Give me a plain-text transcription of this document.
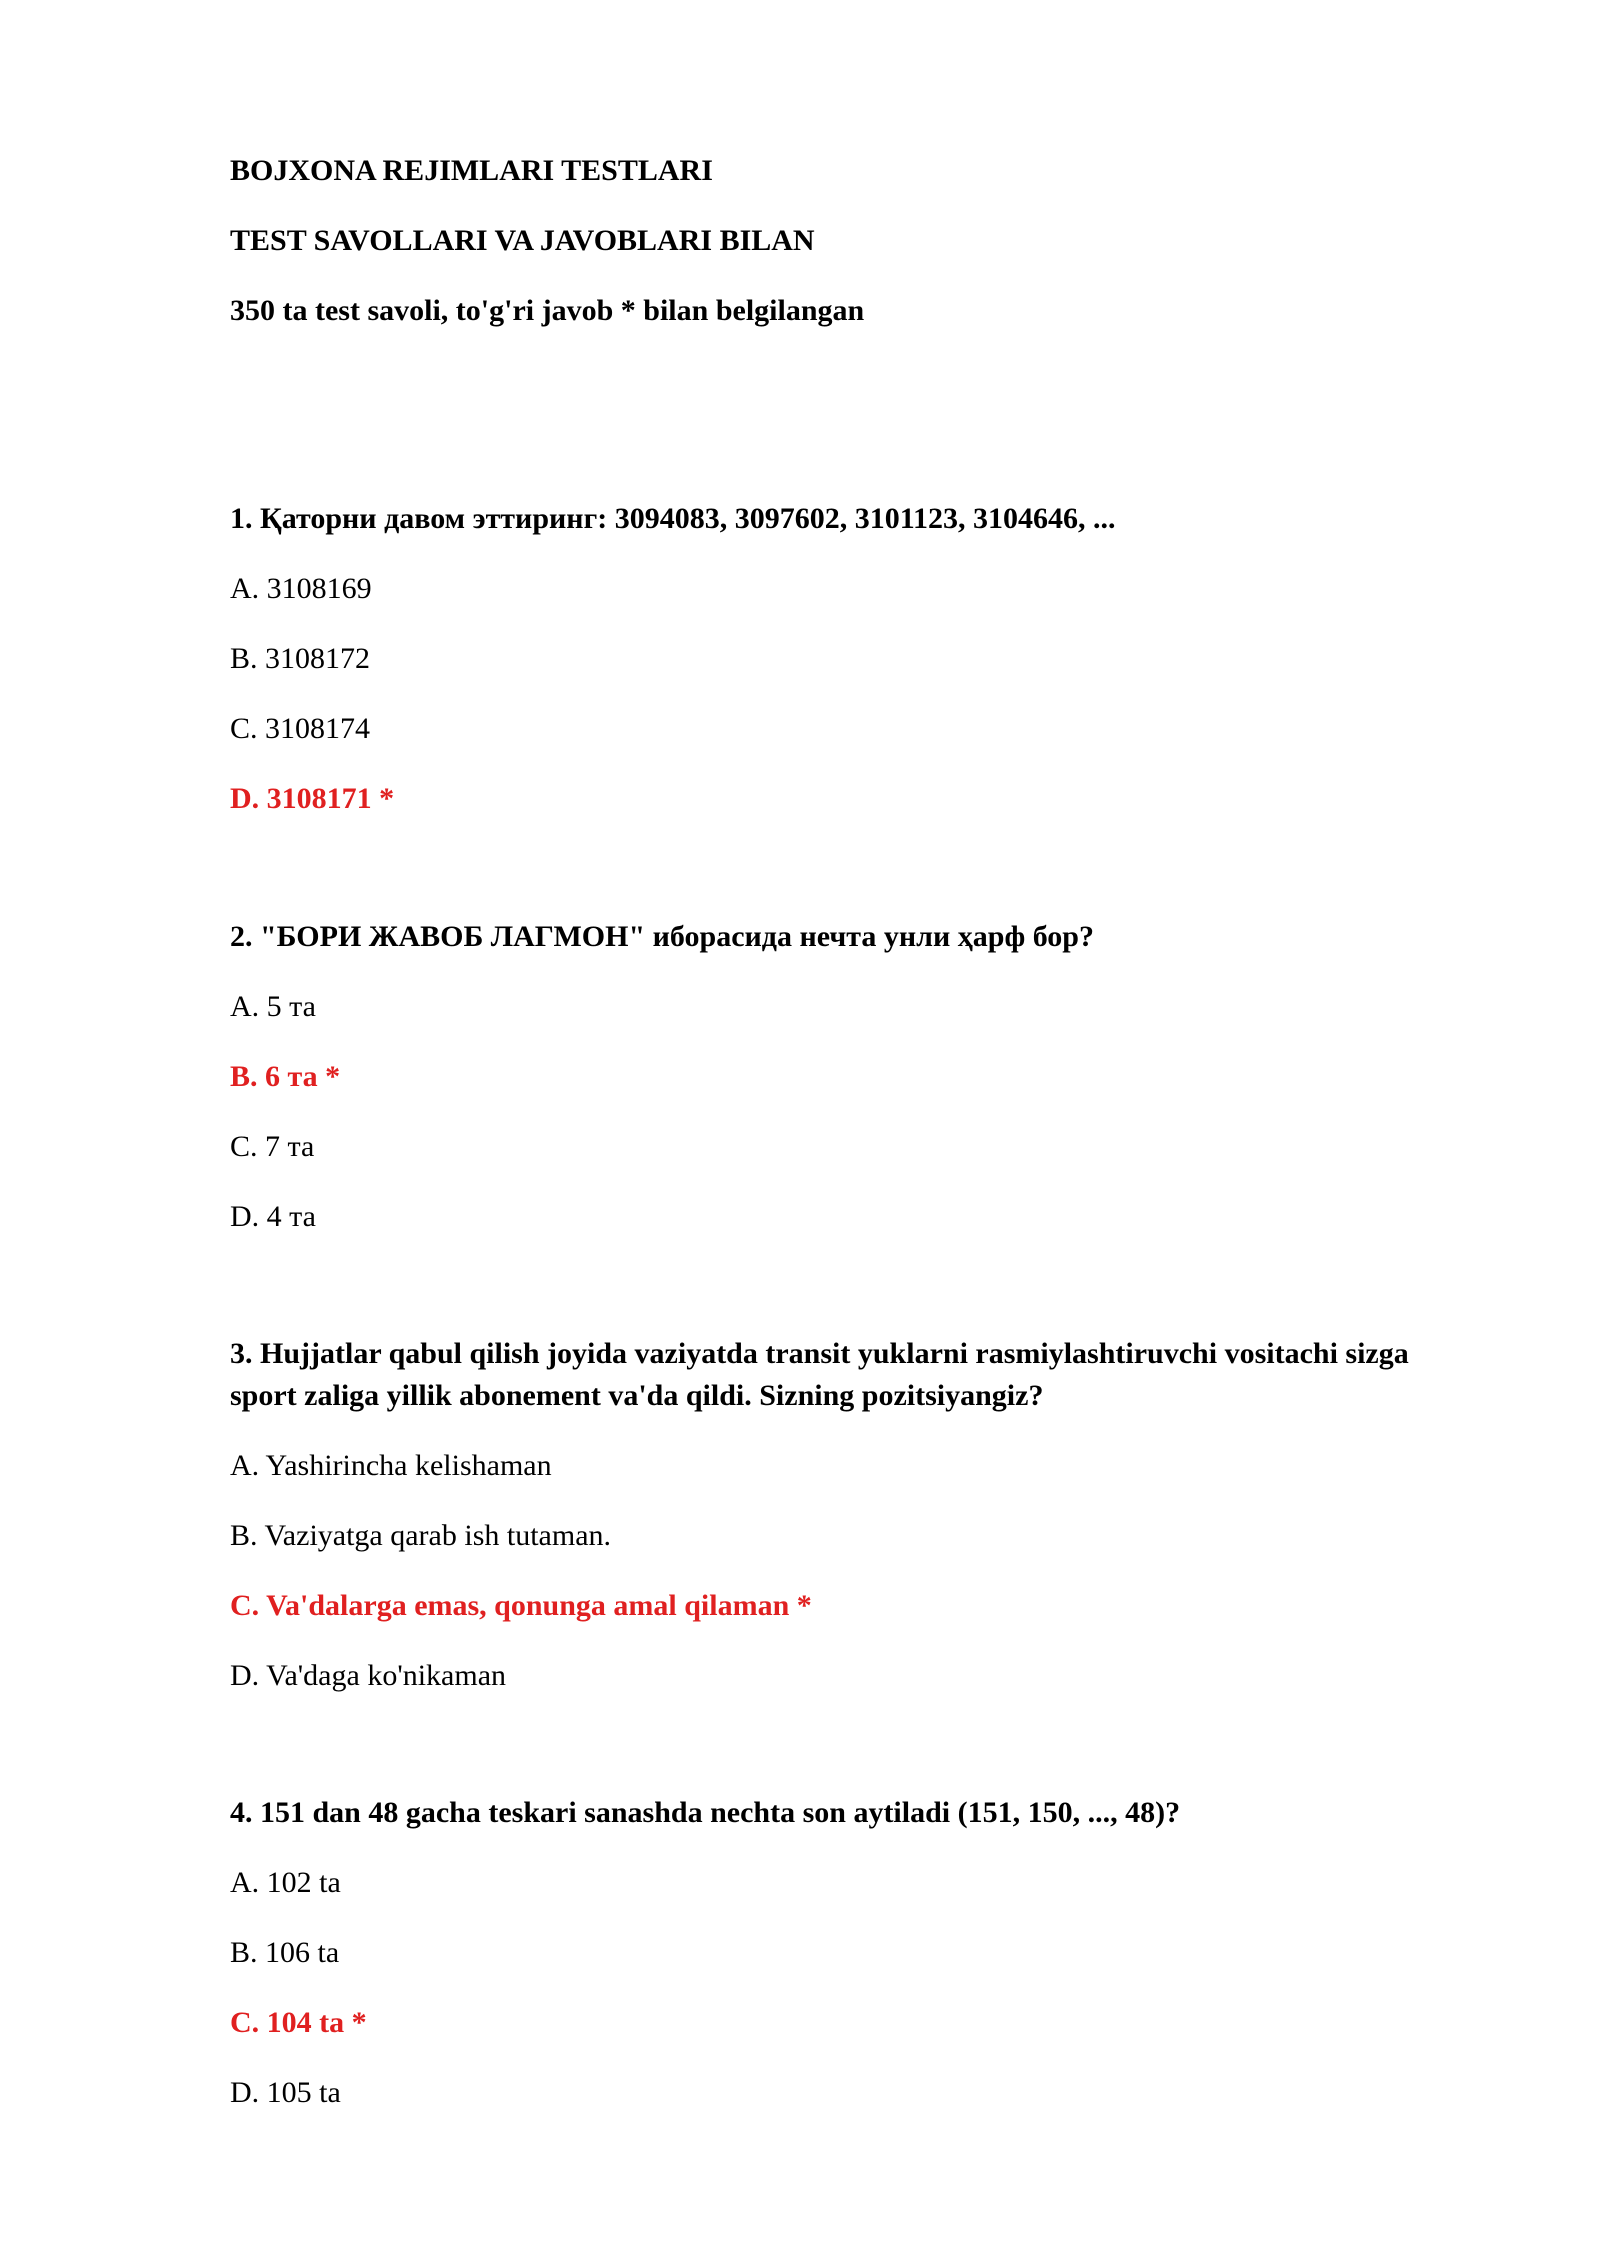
BOJXONA REJIMLARI TESTLARI

TEST SAVOLLARI VA JAVOBLARI BILAN

350 ta test savoli, to'g'ri javob * bilan belgilangan

1. Қаторни давом эттиринг: 3094083, 3097602, 3101123, 3104646, ...

A. 3108169

B. 3108172

C. 3108174

D. 3108171 *

2. "БОРИ ЖАВОБ ЛАГМОН" иборасида нечта унли ҳарф бор?

A. 5 та

B. 6 та *

C. 7 та

D. 4 та

3. Hujjatlar qabul qilish joyida vaziyatda transit yuklarni rasmiylashtiruvchi vositachi sizga sport zaliga yillik abonement va'da qildi. Sizning pozitsiyangiz?

A. Yashirincha kelishaman

B. Vaziyatga qarab ish tutaman.

C. Va'dalarga emas, qonunga amal qilaman *

D. Va'daga ko'nikaman

4. 151 dan 48 gacha teskari sanashda nechta son aytiladi (151, 150, ..., 48)?

A. 102 ta

B. 106 ta

C. 104 ta *

D. 105 ta
